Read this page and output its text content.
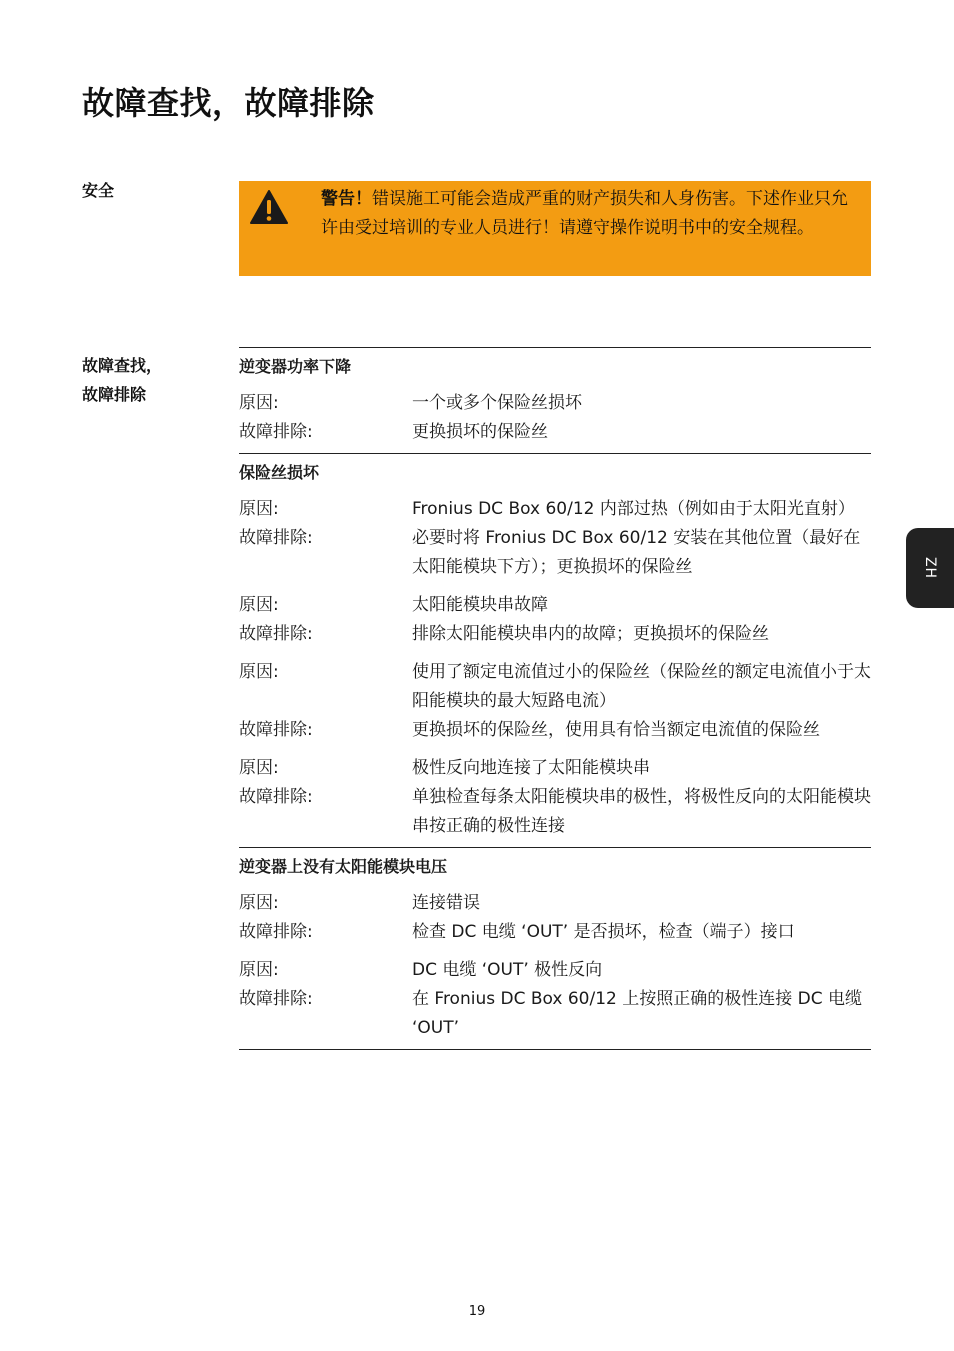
故障查找，故障排除
安全	警告！错误施工可能会造成严重的财产损失和人身伤害。下述作业只允许由受过培训的专业人员进行！请遵守操作说明书中的安全规程。
故障查找，
故障排除
逆变器功率下降
原因:	一个或多个保险丝损坏
故障排除:	更换损坏的保险丝
保险丝损坏
原因:	Fronius DC Box 60/12 内部过热（例如由于太阳光直射）
故障排除:	必要时将 Fronius DC Box 60/12 安装在其他位置（最好在太阳能模块下方）；更换损坏的保险丝
原因:	太阳能模块串故障
故障排除:	排除太阳能模块串内的故障；更换损坏的保险丝
原因:	使用了额定电流值过小的保险丝（保险丝的额定电流值小于太阳能模块的最大短路电流）
故障排除:	更换损坏的保险丝，使用具有恰当额定电流值的保险丝
原因:	极性反向地连接了太阳能模块串
故障排除:	单独检查每条太阳能模块串的极性，将极性反向的太阳能模块串按正确的极性连接
逆变器上没有太阳能模块电压
原因:	连接错误
故障排除:	检查 DC 电缆 ‘OUT’ 是否损坏，检查（端子）接口
原因:	DC 电缆 ‘OUT’ 极性反向
故障排除:	在 Fronius DC Box 60/12 上按照正确的极性连接 DC 电缆 ‘OUT’
ZH
19
